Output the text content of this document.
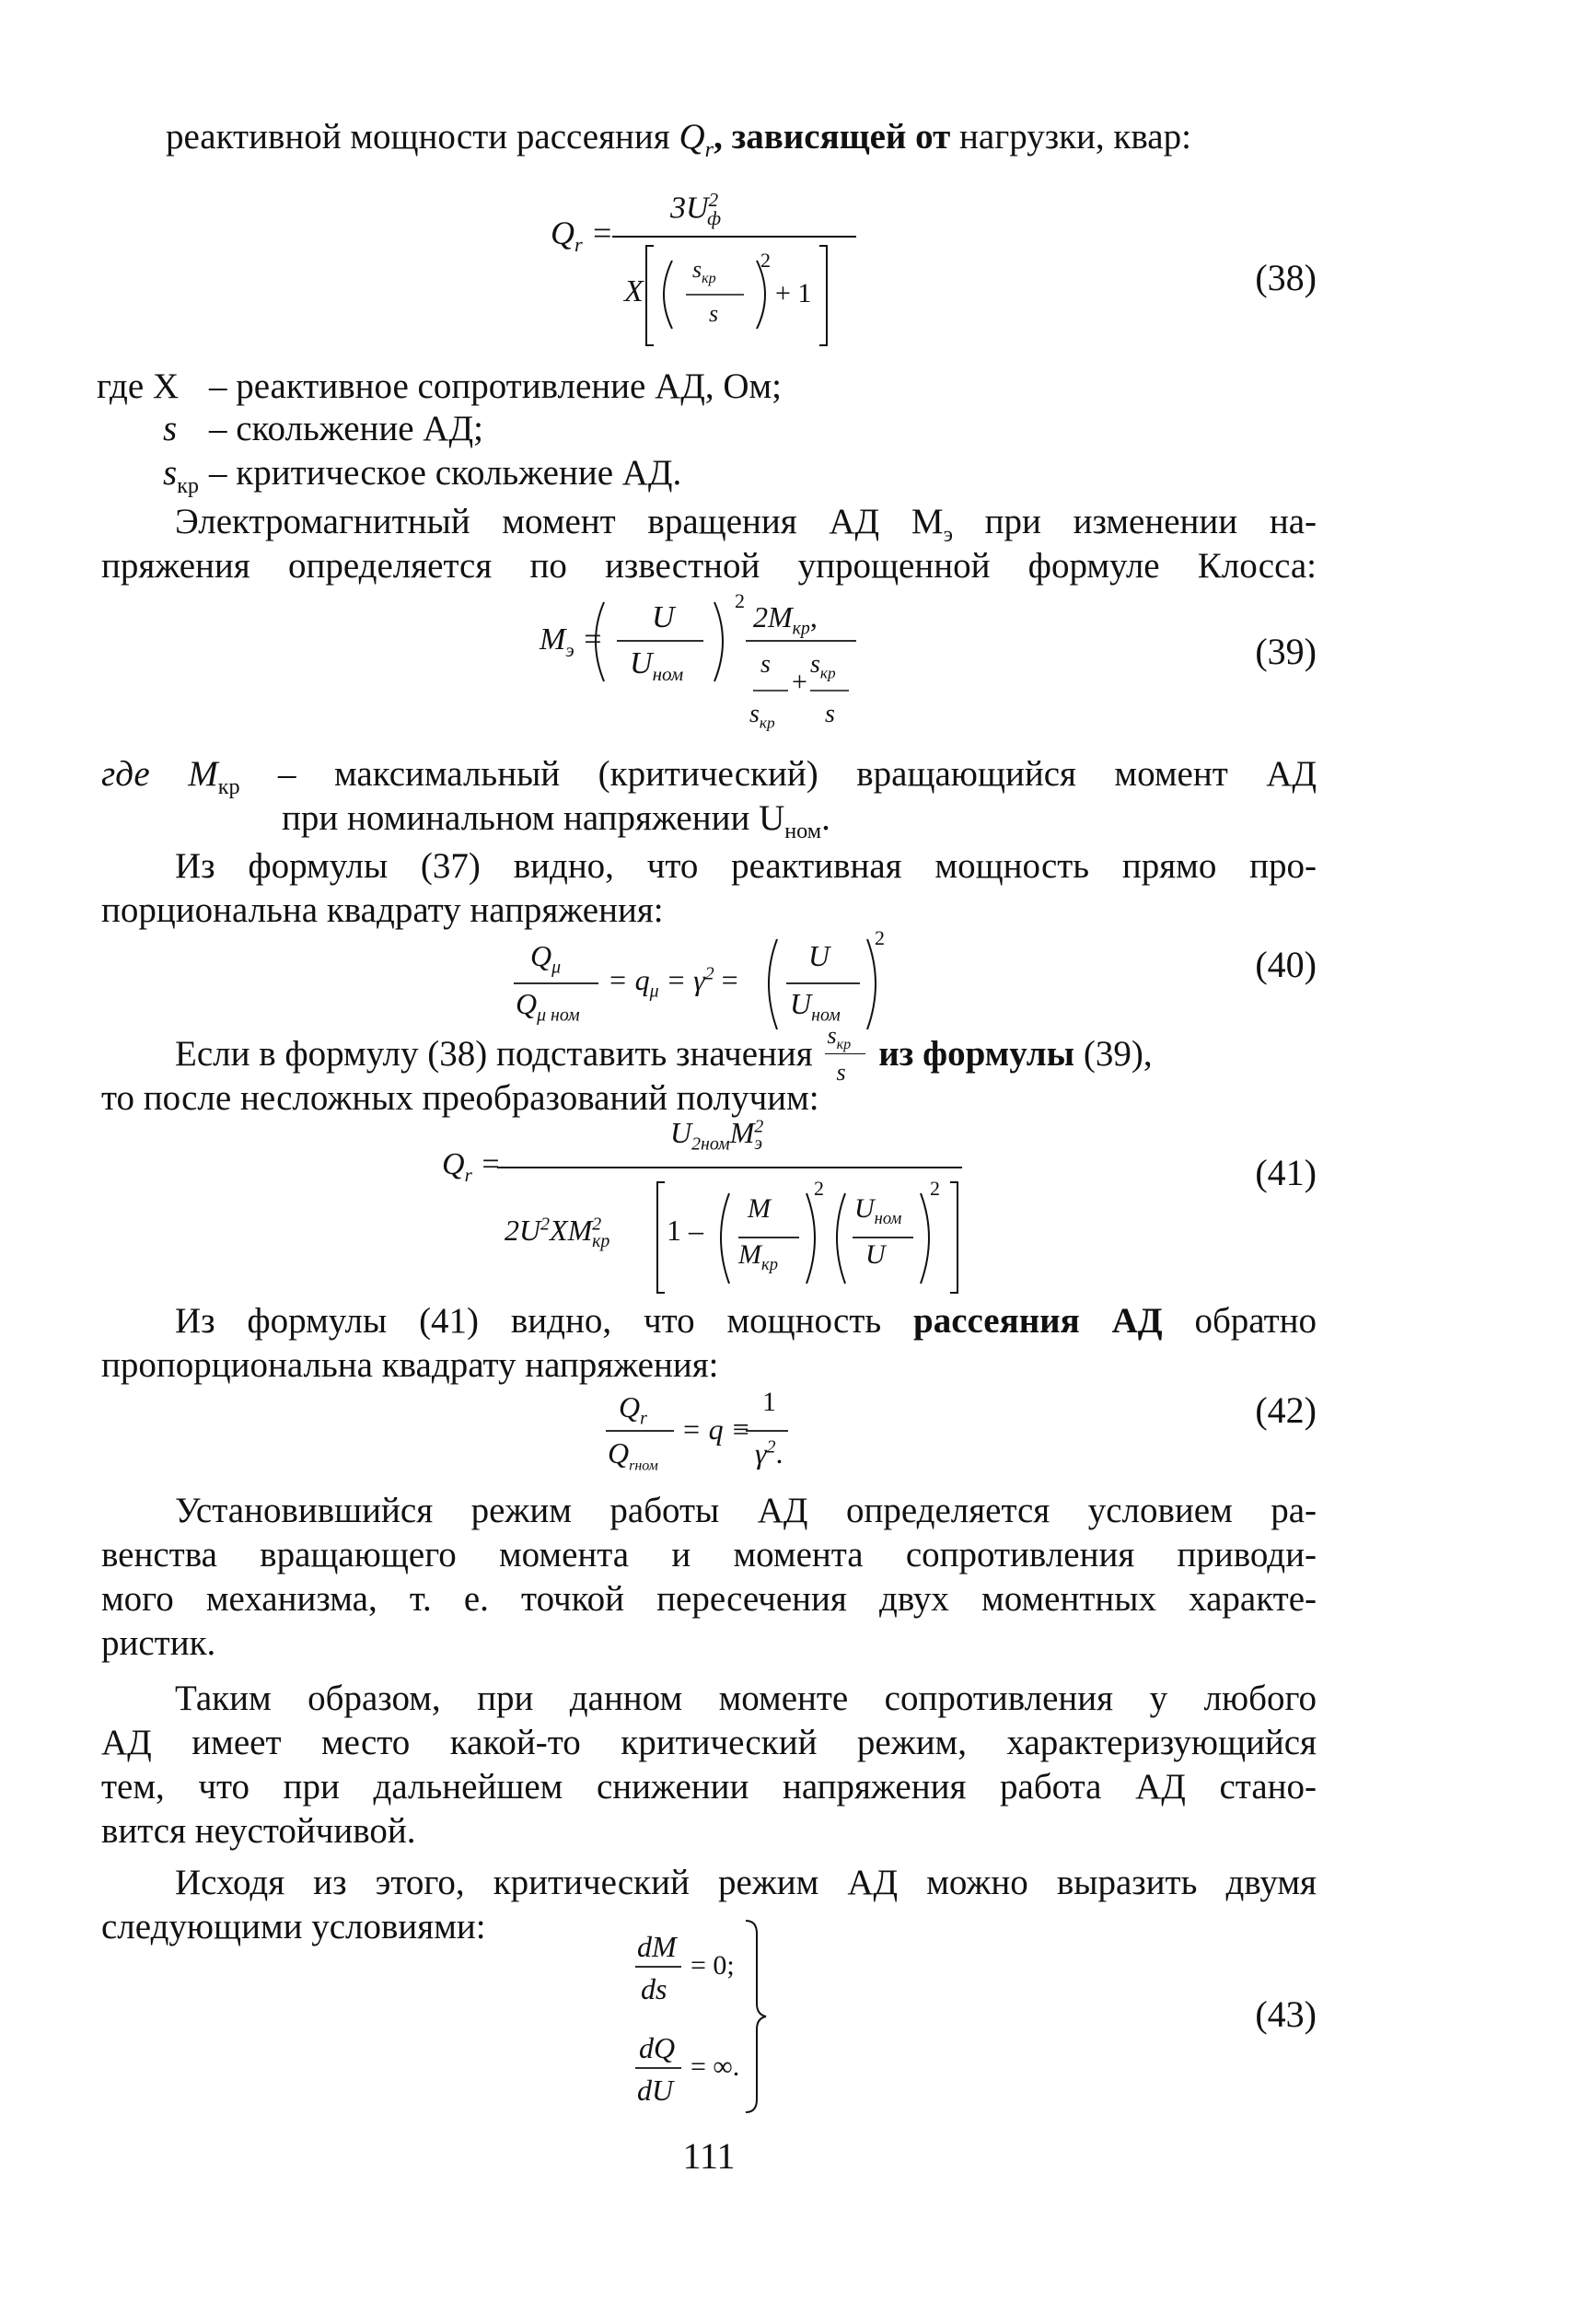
реактивной мощности рассеяния $Q_r$, зависящей от нагрузки, квар:
$Q_r$ =
$3U^2_ф$
X
$s_{кр}$
s
2
+ 1	(38)
где X – реактивное сопротивление АД, Ом;
s – скольжение АД;
$s_{кр}$ – критическое скольжение АД.
Электромагнитный момент вращения АД $M_э$ при изменении на-
пряжения определяется по известной упрощенной формуле Клосса:
$M_э$ =
U
$U_{ном}$
2 $2M_{кр}$,
s
$s_{кр}$
+
$s_{кр}$
s
(39)
где $M_{кр}$ – максимальный (критический) вращающийся момент АД
при номинальном напряжении $U_{ном}$.
Из формулы (37) видно, что реактивная мощность прямо про-
порциональна квадрату напряжения:
$Q_\mu$
$Q_{\mu ном}$
= $q_\mu = \gamma^2$ =
U
$U_{ном}$
2
(40)
Если в формулу (38) подставить значения $s_{кр}$
s из формулы (39),
то после несложных преобразований получим:
$Q_r$ =
$U_{2ном}M^2_э$
$2U^2XM^2_{кр}$ 1 –
M
$M_{кр}$
2
$U_{ном}$
U
2	(41)
Из формулы (41) видно, что мощность рассеяния АД обратно
пропорциональна квадрату напряжения:
$Q_r$
$Q_{rном}$
= q ≡
1
$\gamma^2$.
(42)
Установившийся режим работы АД определяется условием ра-
венства вращающего момента и момента сопротивления приводи-
мого механизма, т. е. точкой пересечения двух моментных характе-
ристик.
Таким образом, при данном моменте сопротивления у любого
АД имеет место какой-то критический режим, характеризующийся
тем, что при дальнейшем снижении напряжения работа АД стано-
вится неустойчивой.
Исходя из этого, критический режим АД можно выразить двумя
следующими условиями:	dM
ds
= 0;
dQ
dU
= ∞.
(43)
111
